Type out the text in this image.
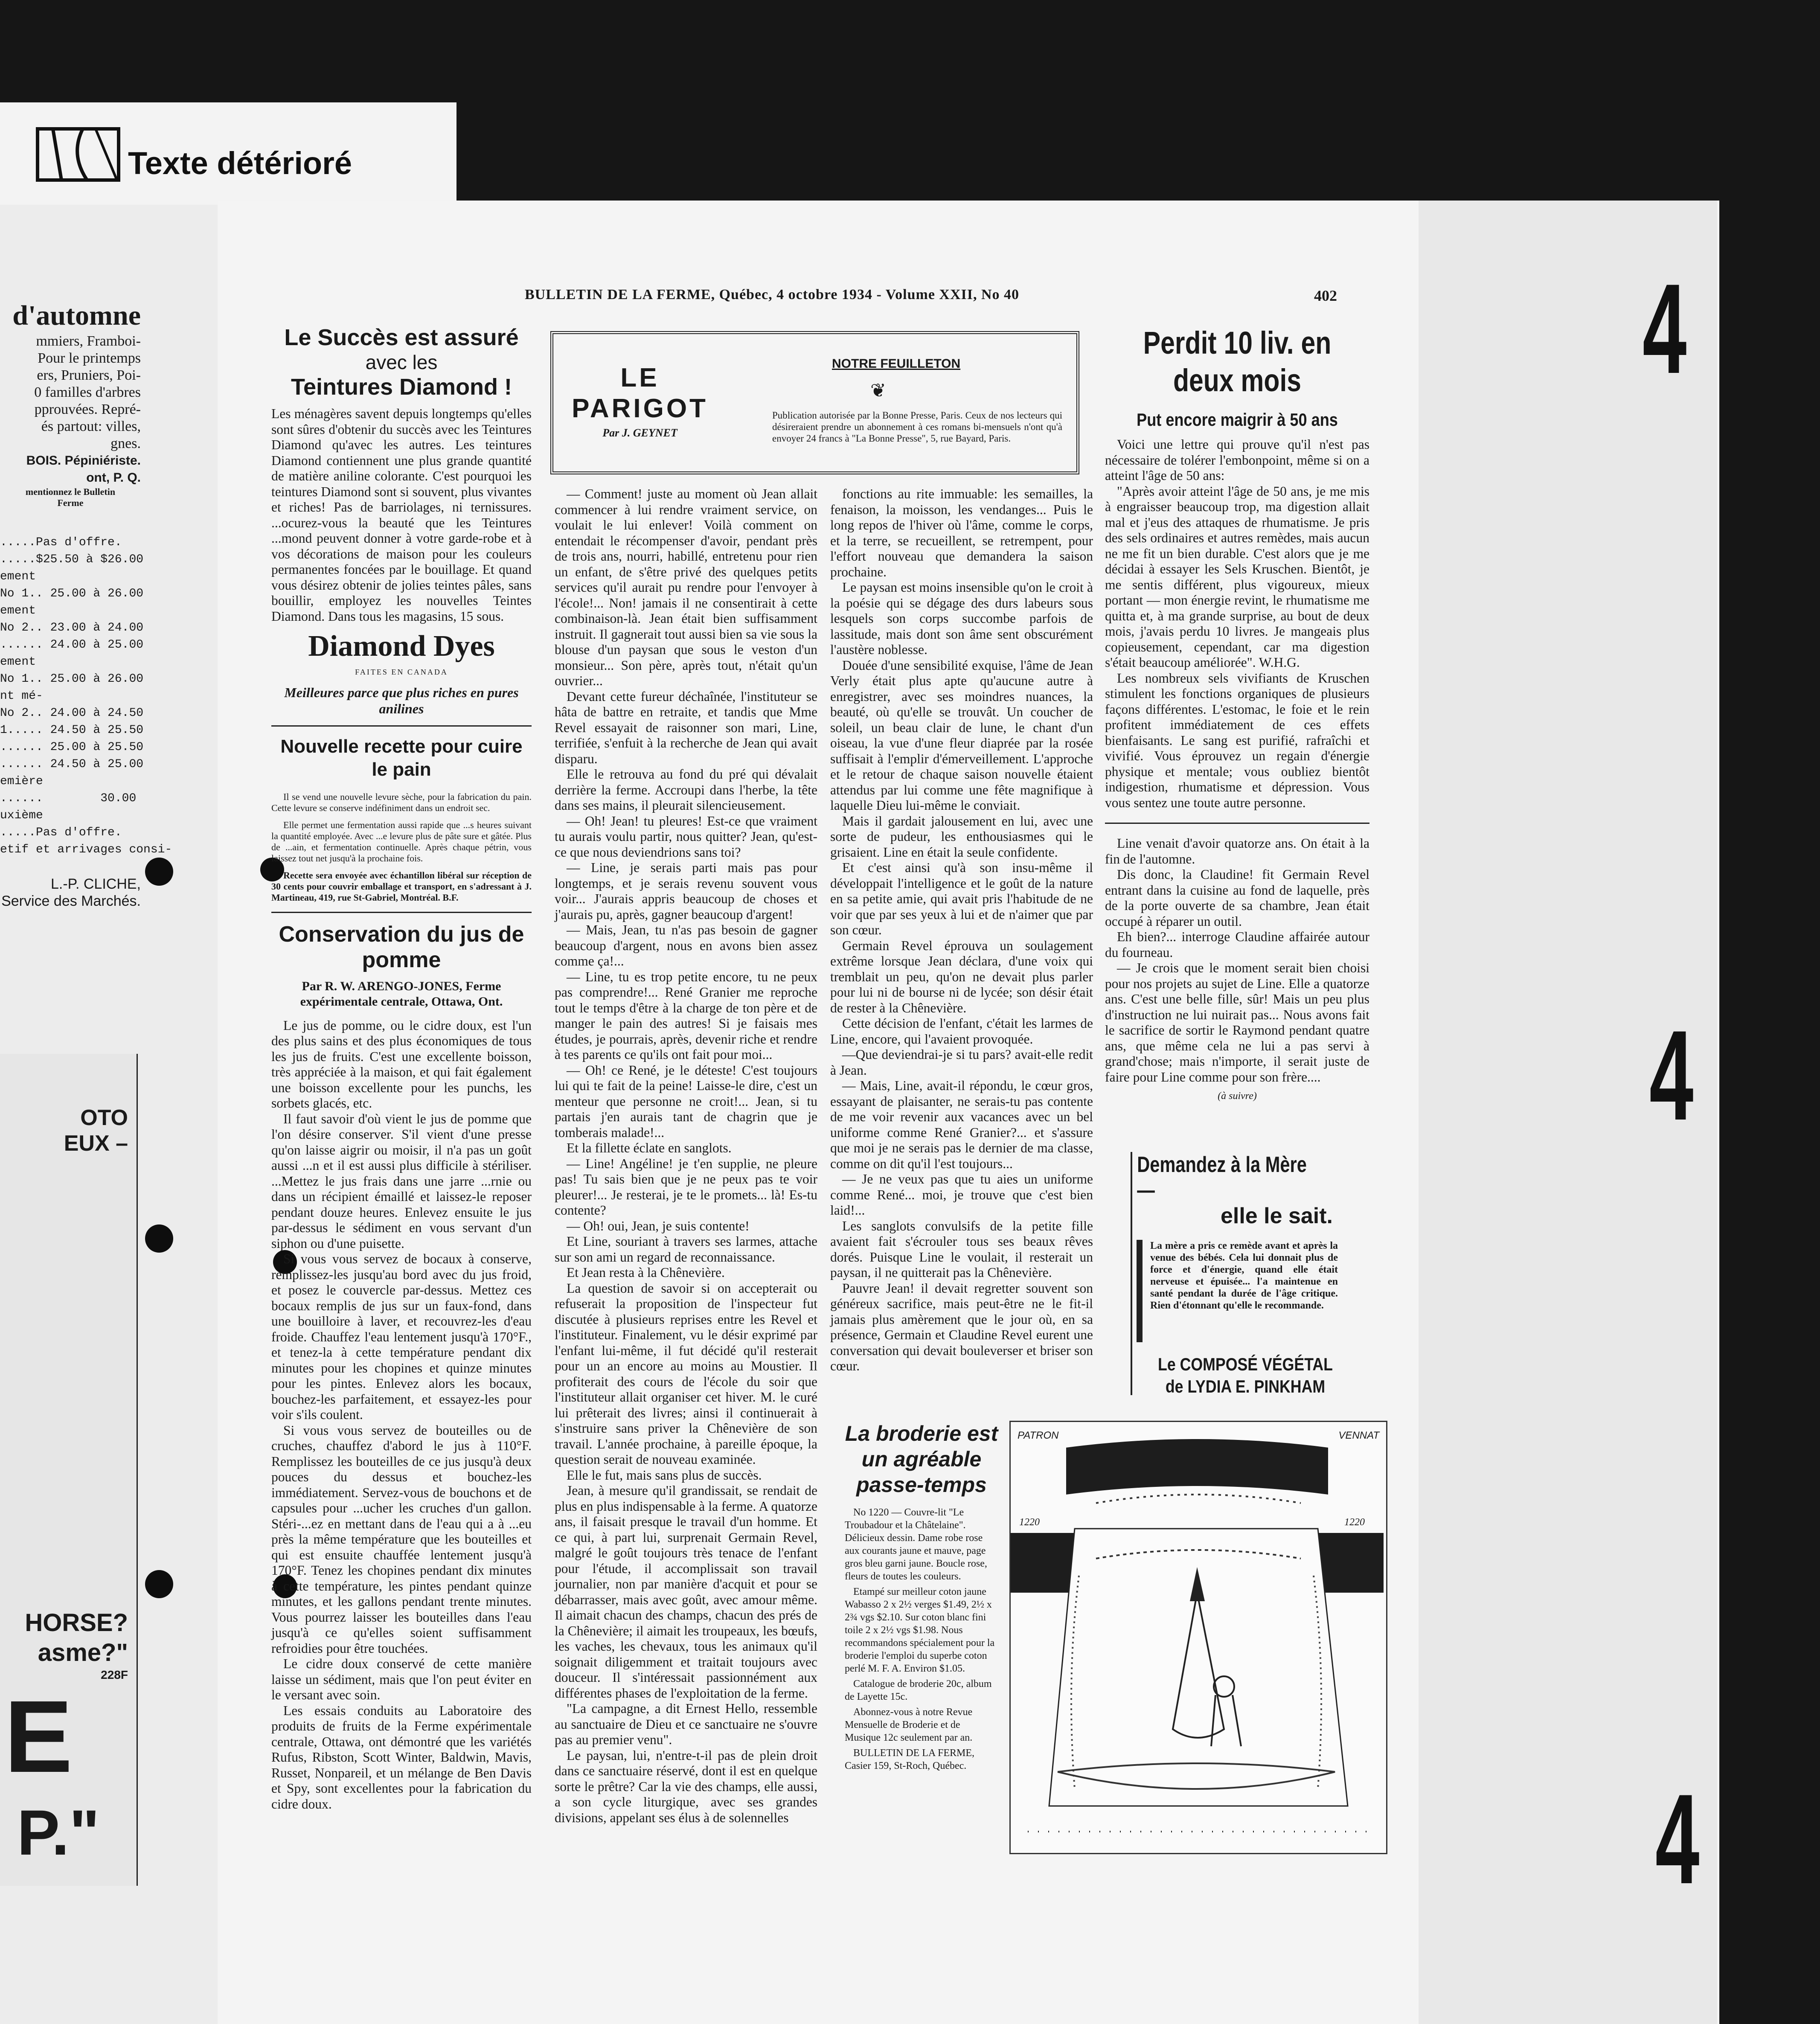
Texte détérioré
d'automne

mmiers, Framboi-

Pour le printemps

ers, Pruniers, Poi-

0 familles d'arbres

pprouvées. Repré-

és partout: villes,

gnes.

BOIS. Pépiniériste.

ont, P. Q.

mentionnez le Bulletin

Ferme

.....Pas d'offre.
.....$25.50 à $26.00
ement
No 1.. 25.00 à 26.00
ement
No 2.. 23.00 à 24.00
...... 24.00 à 25.00
ement
No 1.. 25.00 à 26.00
nt mé-
No 2.. 24.00 à 24.50
1..... 24.50 à 25.50
...... 25.00 à 25.50
...... 24.50 à 25.00
emière
......        30.00
uxième
.....Pas d'offre.
etif et arrivages consi-

L.-P. CLICHE,

Service des Marchés.

OTO
EUX –
HORSE?
asme?"
228F
E
P."
BULLETIN DE LA FERME, Québec, 4 octobre 1934 - Volume XXII, No 40	402
Le Succès est assuré
avec les
Teintures Diamond !

Les ménagères savent depuis longtemps qu'elles sont sûres d'obtenir du succès avec les Teintures Diamond qu'avec les autres. Les teintures Diamond contiennent une plus grande quantité de matière aniline colorante. C'est pourquoi les teintures Diamond sont si souvent, plus vivantes et riches! Pas de barriolages, ni ternissures. ...ocurez-vous la beauté que les Teintures ...mond peuvent donner à votre garde-robe et à vos décorations de maison pour les couleurs permanentes foncées par le bouillage. Et quand vous désirez obtenir de jolies teintes pâles, sans bouillir, employez les nouvelles Teintes Diamond. Dans tous les magasins, 15 sous.

Diamond Dyes
FAITES EN CANADA
Meilleures parce que plus riches en pures anilines
Nouvelle recette pour cuire le pain

Il se vend une nouvelle levure sèche, pour la fabrication du pain. Cette levure se conserve indéfiniment dans un endroit sec.

Elle permet une fermentation aussi rapide que ...s heures suivant la quantité employée. Avec ...e levure plus de pâte sure et gâtée. Plus de ...ain, et fermentation continuelle. Après chaque pétrin, vous laissez tout net jusqu'à la prochaine fois.

Recette sera envoyée avec échantillon libéral sur réception de 30 cents pour couvrir emballage et transport, en s'adressant à J. Martineau, 419, rue St-Gabriel, Montréal. B.F.

Conservation du jus de pomme
Par R. W. ARENGO-JONES, Ferme
expérimentale centrale, Ottawa, Ont.

Le jus de pomme, ou le cidre doux, est l'un des plus sains et des plus économiques de tous les jus de fruits. C'est une excellente boisson, très appréciée à la maison, et qui fait également une boisson excellente pour les punchs, les sorbets glacés, etc.

Il faut savoir d'où vient le jus de pomme que l'on désire conserver. S'il vient d'une presse qu'on laisse aigrir ou moisir, il n'a pas un goût aussi ...n et il est aussi plus difficile à stériliser. ...Mettez le jus frais dans une jarre ...rnie ou dans un récipient émaillé et laissez-le reposer pendant douze heures. Enlevez ensuite le jus par-dessus le sédiment en vous servant d'un siphon ou d'une puisette.

Si vous vous servez de bocaux à conserve, remplissez-les jusqu'au bord avec du jus froid, et posez le couvercle par-dessus. Mettez ces bocaux remplis de jus sur un faux-fond, dans une bouilloire à laver, et recouvrez-les d'eau froide. Chauffez l'eau lentement jusqu'à 170°F., et tenez-la à cette température pendant dix minutes pour les chopines et quinze minutes pour les pintes. Enlevez alors les bocaux, bouchez-les parfaitement, et essayez-les pour voir s'ils coulent.

Si vous vous servez de bouteilles ou de cruches, chauffez d'abord le jus à 110°F. Remplissez les bouteilles de ce jus jusqu'à deux pouces du dessus et bouchez-les immédiatement. Servez-vous de bouchons et de capsules pour ...ucher les cruches d'un gallon. Stéri-...ez en mettant dans de l'eau qui a à ...eu près la même température que les bouteilles et qui est ensuite chauffée lentement jusqu'à 170°F. Tenez les chopines pendant dix minutes à cette température, les pintes pendant quinze minutes, et les gallons pendant trente minutes. Vous pourrez laisser les bouteilles dans l'eau jusqu'à ce qu'elles soient suffisamment refroidies pour être touchées.

Le cidre doux conservé de cette manière laisse un sédiment, mais que l'on peut éviter en le versant avec soin.

Les essais conduits au Laboratoire des produits de fruits de la Ferme expérimentale centrale, Ottawa, ont démontré que les variétés Rufus, Ribston, Scott Winter, Baldwin, Mavis, Russet, Nonpareil, et un mélange de Ben Davis et Spy, sont excellentes pour la fabrication du cidre doux.

LE PARIGOT
Par J. GEYNET
NOTRE FEUILLETON
❦
Publication autorisée par la Bonne Presse, Paris. Ceux de nos lecteurs qui désireraient prendre un abonnement à ces romans bi-mensuels n'ont qu'à envoyer 24 francs à "La Bonne Presse", 5, rue Bayard, Paris.

— Comment! juste au moment où Jean allait commencer à lui rendre vraiment service, on voulait le lui enlever! Voilà comment on entendait le récompenser d'avoir, pendant près de trois ans, nourri, habillé, entretenu pour rien un enfant, de s'être privé des quelques petits services qu'il aurait pu rendre pour l'envoyer à l'école!... Non! jamais il ne consentirait à cette combinaison-là. Jean était bien suffisamment instruit. Il gagnerait tout aussi bien sa vie sous la blouse d'un paysan que sous le veston d'un monsieur... Son père, après tout, n'était qu'un ouvrier...

Devant cette fureur déchaînée, l'instituteur se hâta de battre en retraite, et tandis que Mme Revel essayait de raisonner son mari, Line, terrifiée, s'enfuit à la recherche de Jean qui avait disparu.

Elle le retrouva au fond du pré qui dévalait derrière la ferme. Accroupi dans l'herbe, la tête dans ses mains, il pleurait silencieusement.

— Oh! Jean! tu pleures! Est-ce que vraiment tu aurais voulu partir, nous quitter? Jean, qu'est-ce que nous deviendrions sans toi?

— Line, je serais parti mais pas pour longtemps, et je serais revenu souvent vous voir... J'aurais appris beaucoup de choses et j'aurais pu, après, gagner beaucoup d'argent!

— Mais, Jean, tu n'as pas besoin de gagner beaucoup d'argent, nous en avons bien assez comme ça!...

— Line, tu es trop petite encore, tu ne peux pas comprendre!... René Granier me reproche tout le temps d'être à la charge de ton père et de manger le pain des autres! Si je faisais mes études, je pourrais, après, devenir riche et rendre à tes parents ce qu'ils ont fait pour moi...

— Oh! ce René, je le déteste! C'est toujours lui qui te fait de la peine! Laisse-le dire, c'est un menteur que personne ne croit!... Jean, si tu partais j'en aurais tant de chagrin que je tomberais malade!...

Et la fillette éclate en sanglots.

— Line! Angéline! je t'en supplie, ne pleure pas! Tu sais bien que je ne peux pas te voir pleurer!... Je resterai, je te le promets... là! Es-tu contente?

— Oh! oui, Jean, je suis contente!

Et Line, souriant à travers ses larmes, attache sur son ami un regard de reconnaissance.

Et Jean resta à la Chênevière.

La question de savoir si on accepterait ou refuserait la proposition de l'inspecteur fut discutée à plusieurs reprises entre les Revel et l'instituteur. Finalement, vu le désir exprimé par l'enfant lui-même, il fut décidé qu'il resterait pour un an encore au moins au Moustier. Il profiterait des cours de l'école du soir que l'instituteur allait organiser cet hiver. M. le curé lui prêterait des livres; ainsi il continuerait à s'instruire sans priver la Chênevière de son travail. L'année prochaine, à pareille époque, la question serait de nouveau examinée.

Elle le fut, mais sans plus de succès.

Jean, à mesure qu'il grandissait, se rendait de plus en plus indispensable à la ferme. A quatorze ans, il faisait presque le travail d'un homme. Et ce qui, à part lui, surprenait Germain Revel, malgré le goût toujours très tenace de l'enfant pour l'étude, il accomplissait son travail journalier, non par manière d'acquit et pour se débarrasser, mais avec goût, avec amour même. Il aimait chacun des champs, chacun des prés de la Chênevière; il aimait les troupeaux, les bœufs, les vaches, les chevaux, tous les animaux qu'il soignait diligemment et traitait toujours avec douceur. Il s'intéressait passionnément aux différentes phases de l'exploitation de la ferme.

"La campagne, a dit Ernest Hello, ressemble au sanctuaire de Dieu et ce sanctuaire ne s'ouvre pas au premier venu".

Le paysan, lui, n'entre-t-il pas de plein droit dans ce sanctuaire réservé, dont il est en quelque sorte le prêtre? Car la vie des champs, elle aussi, a son cycle liturgique, avec ses grandes divisions, appelant ses élus à de solennelles

fonctions au rite immuable: les semailles, la fenaison, la moisson, les vendanges... Puis le long repos de l'hiver où l'âme, comme le corps, et la terre, se recueillent, se retrempent, pour l'effort nouveau que demandera la saison prochaine.

Le paysan est moins insensible qu'on le croit à la poésie qui se dégage des durs labeurs sous lesquels son corps succombe parfois de lassitude, mais dont son âme sent obscurément l'austère noblesse.

Douée d'une sensibilité exquise, l'âme de Jean Verly était plus apte qu'aucune autre à enregistrer, avec ses moindres nuances, la beauté, où qu'elle se trouvât. Un coucher de soleil, un beau clair de lune, le chant d'un oiseau, la vue d'une fleur diaprée par la rosée suffisait à l'emplir d'émerveillement. L'approche et le retour de chaque saison nouvelle étaient attendus par lui comme une fête magnifique à laquelle Dieu lui-même le conviait.

Mais il gardait jalousement en lui, avec une sorte de pudeur, les enthousiasmes qui le grisaient. Line en était la seule confidente.

Et c'est ainsi qu'à son insu-même il développait l'intelligence et le goût de la nature en sa petite amie, qui avait pris l'habitude de ne voir que par ses yeux à lui et de n'aimer que par son cœur.

Germain Revel éprouva un soulagement extrême lorsque Jean déclara, d'une voix qui tremblait un peu, qu'on ne devait plus parler pour lui ni de bourse ni de lycée; son désir était de rester à la Chênevière.

Cette décision de l'enfant, c'était les larmes de Line, encore, qui l'avaient provoquée.

—Que deviendrai-je si tu pars? avait-elle redit à Jean.

— Mais, Line, avait-il répondu, le cœur gros, essayant de plaisanter, ne serais-tu pas contente de me voir revenir aux vacances avec un bel uniforme comme René Granier?... et s'assure que moi je ne serais pas le dernier de ma classe, comme on dit qu'il l'est toujours...

— Je ne veux pas que tu aies un uniforme comme René... moi, je trouve que c'est bien laid!...

Les sanglots convulsifs de la petite fille avaient fait s'écrouler tous ses beaux rêves dorés. Puisque Line le voulait, il resterait un paysan, il ne quitterait pas la Chênevière.

Pauvre Jean! il devait regretter souvent son généreux sacrifice, mais peut-être ne le fit-il jamais plus amèrement que le jour où, en sa présence, Germain et Claudine Revel eurent une conversation qui devait bouleverser et briser son cœur.

Perdit 10 liv. en
deux mois
Put encore maigrir à 50 ans

Voici une lettre qui prouve qu'il n'est pas nécessaire de tolérer l'embonpoint, même si on a atteint l'âge de 50 ans:

"Après avoir atteint l'âge de 50 ans, je me mis à engraisser beaucoup trop, ma digestion allait mal et j'eus des attaques de rhumatisme. Je pris des sels ordinaires et autres remèdes, mais aucun ne me fit un bien durable. C'est alors que je me décidai à essayer les Sels Kruschen. Bientôt, je me sentis différent, plus vigoureux, mieux portant — mon énergie revint, le rhumatisme me quitta et, à ma grande surprise, au bout de deux mois, j'avais perdu 10 livres. Je mangeais plus copieusement, cependant, car ma digestion s'était beaucoup améliorée". W.H.G.

Les nombreux sels vivifiants de Kruschen stimulent les fonctions organiques de plusieurs façons différentes. L'estomac, le foie et le rein profitent immédiatement de ces effets bienfaisants. Le sang est purifié, rafraîchi et vivifié. Vous éprouvez un regain d'énergie physique et mentale; vous oubliez bientôt indigestion, rhumatisme et dépression. Vous vous sentez une toute autre personne.

Line venait d'avoir quatorze ans. On était à la fin de l'automne.

Dis donc, la Claudine! fit Germain Revel entrant dans la cuisine au fond de laquelle, près de la porte ouverte de sa chambre, Jean était occupé à réparer un outil.

Eh bien?... interroge Claudine affairée autour du fourneau.

— Je crois que le moment serait bien choisi pour nos projets au sujet de Line. Elle a quatorze ans. C'est une belle fille, sûr! Mais un peu plus d'instruction ne lui nuirait pas... Nous avons fait le sacrifice de sortir le Raymond pendant quatre ans, que même cela ne lui a pas servi à grand'chose; mais n'importe, il serait juste de faire pour Line comme pour son frère....

(à suivre)
Demandez à la Mère—
elle le sait.
La mère a pris ce remède avant et après la venue des bébés. Cela lui donnait plus de force et d'énergie, quand elle était nerveuse et épuisée... l'a maintenue en santé pendant la durée de l'âge critique. Rien d'étonnant qu'elle le recommande.
Le COMPOSÉ VÉGÉTAL
de LYDIA E. PINKHAM
La broderie est un agréable passe-temps

No 1220 — Couvre-lit "Le Troubadour et la Châtelaine". Délicieux dessin. Dame robe rose aux courants jaune et mauve, page gros bleu garni jaune. Boucle rose, fleurs de toutes les couleurs.

Etampé sur meilleur coton jaune Wabasso 2 x 2½ verges $1.49, 2½ x 2¾ vgs $2.10. Sur coton blanc fini toile 2 x 2½ vgs $1.98. Nous recommandons spécialement pour la broderie l'emploi du superbe coton perlé M. F. A. Environ $1.05.

Catalogue de broderie 20c, album de Layette 15c.

Abonnez-vous à notre Revue Mensuelle de Broderie et de Musique 12c seulement par an.

BULLETIN DE LA FERME, Casier 159, St-Roch, Québec.

PATRON	VENNAT
1220	1220
4
4
4
